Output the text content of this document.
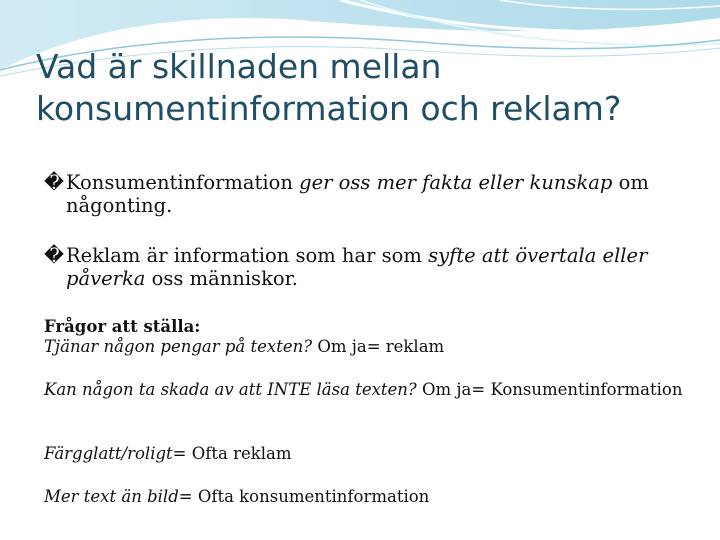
Vad är skillnaden mellan
konsumentinformation och reklam?

� Konsumentinformation ger oss mer fakta eller kunskap om någonting.

� Reklam är information som har som syfte att övertala eller påverka oss människor.

Frågor att ställa:
Tjänar någon pengar på texten? Om ja= reklam

Kan någon ta skada av att INTE läsa texten? Om ja= Konsumentinformation

Färgglatt/roligt= Ofta reklam

Mer text än bild= Ofta konsumentinformation
